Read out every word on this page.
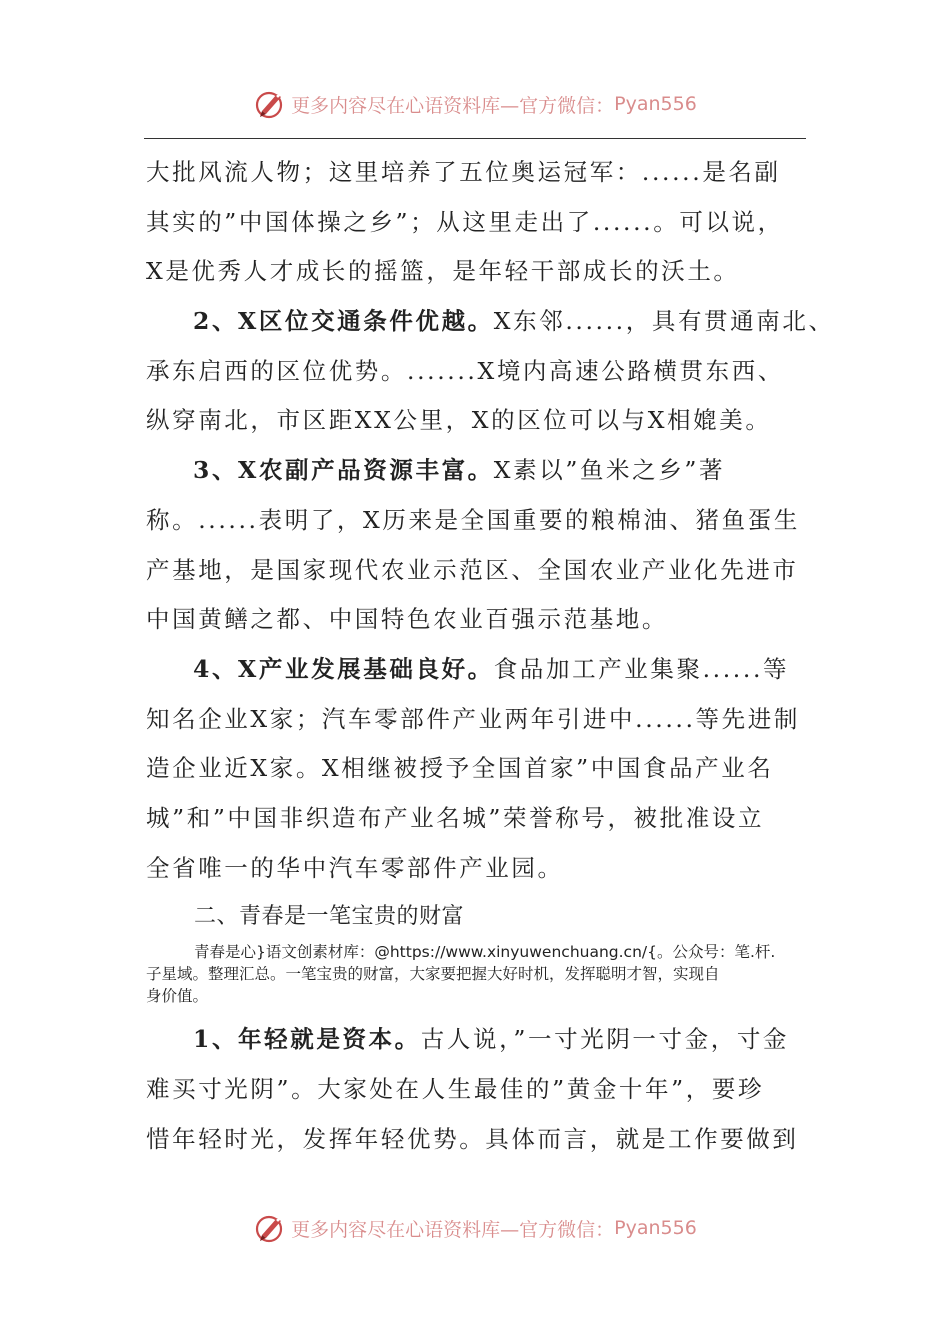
更多内容尽在心语资料库—官方微信： Pyan556
大批风流人物；这里培养了五位奥运冠军：......是名副
其实的”中国体操之乡”；从这里走出了......。可以说，
X是优秀人才成长的摇篮，是年轻干部成长的沃土。
2、X区位交通条件优越。X东邻......，具有贯通南北、
承东启西的区位优势。.......X境内高速公路横贯东西、
纵穿南北，市区距XX公里，X的区位可以与X相媲美。
3、X农副产品资源丰富。X素以”鱼米之乡”著
称。......表明了，X历来是全国重要的粮棉油、猪鱼蛋生
产基地，是国家现代农业示范区、全国农业产业化先进市
中国黄鳝之都、中国特色农业百强示范基地。
4、X产业发展基础良好。食品加工产业集聚......等
知名企业X家；汽车零部件产业两年引进中......等先进制
造企业近X家。X相继被授予全国首家”中国食品产业名
城”和”中国非织造布产业名城”荣誉称号，被批准设立
全省唯一的华中汽车零部件产业园。
二、青春是一笔宝贵的财富
青春是心}语文创素材库：@https://www.xinyuwenchuang.cn/{。公众号：笔.杆.
子星域。整理汇总。一笔宝贵的财富，大家要把握大好时机，发挥聪明才智，实现自
身价值。
1、年轻就是资本。古人说，”一寸光阴一寸金，寸金
难买寸光阴”。大家处在人生最佳的”黄金十年”，要珍
惜年轻时光，发挥年轻优势。具体而言，就是工作要做到
更多内容尽在心语资料库—官方微信： Pyan556
